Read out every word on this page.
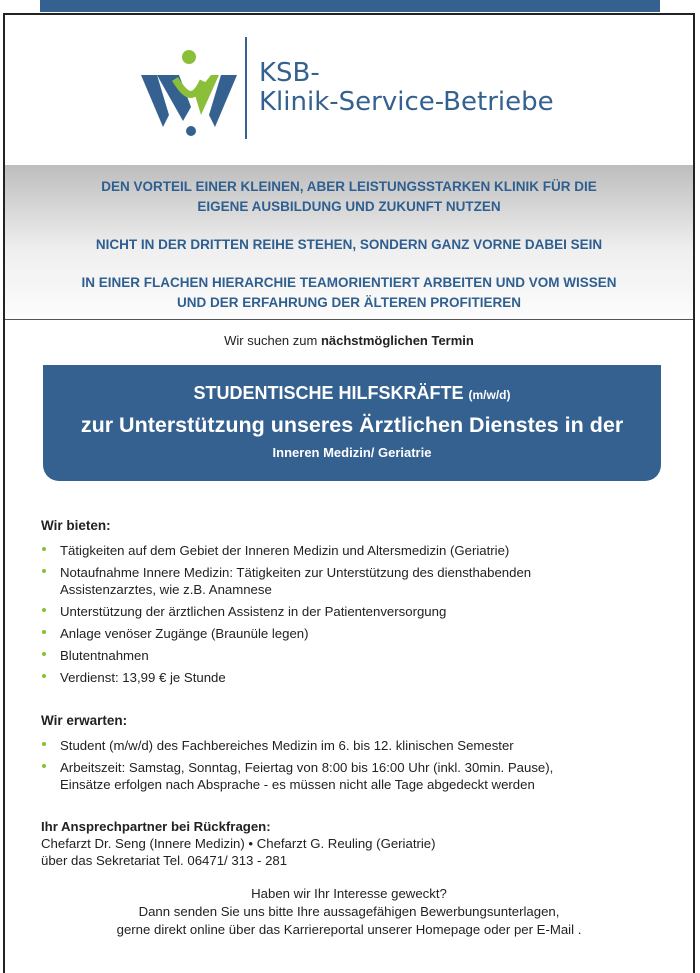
KSB-
Klinik-Service-Betriebe

DEN VORTEIL EINER KLEINEN, ABER LEISTUNGSSTARKEN KLINIK FÜR DIE

EIGENE AUSBILDUNG UND ZUKUNFT NUTZEN

NICHT IN DER DRITTEN REIHE STEHEN, SONDERN GANZ VORNE DABEI SEIN

IN EINER FLACHEN HIERARCHIE TEAMORIENTIERT ARBEITEN UND VOM WISSEN

UND DER ERFAHRUNG DER ÄLTEREN PROFITIEREN

Wir suchen zum nächstmöglichen Termin
STUDENTISCHE HILFSKRÄFTE (m/w/d)
zur Unterstützung unseres Ärztlichen Dienstes in der
Inneren Medizin/ Geriatrie
Wir bieten:
Tätigkeiten auf dem Gebiet der Inneren Medizin und Altersmedizin (Geriatrie)
Notaufnahme Innere Medizin: Tätigkeiten zur Unterstützung des diensthabenden
Assistenzarztes, wie z.B. Anamnese
Unterstützung der ärztlichen Assistenz in der Patientenversorgung
Anlage venöser Zugänge (Braunüle legen)
Blutentnahmen
Verdienst: 13,99 € je Stunde
Wir erwarten:
Student (m/w/d) des Fachbereiches Medizin im 6. bis 12. klinischen Semester
Arbeitszeit: Samstag, Sonntag, Feiertag von 8:00 bis 16:00 Uhr (inkl. 30min. Pause),
Einsätze erfolgen nach Absprache - es müssen nicht alle Tage abgedeckt werden
Ihr Ansprechpartner bei Rückfragen:
Chefarzt Dr. Seng (Innere Medizin) • Chefarzt G. Reuling (Geriatrie)
über das Sekretariat Tel. 06471/ 313 - 281
Haben wir Ihr Interesse geweckt?
Dann senden Sie uns bitte Ihre aussagefähigen Bewerbungsunterlagen,
gerne direkt online über das Karriereportal unserer Homepage oder per E-Mail .
